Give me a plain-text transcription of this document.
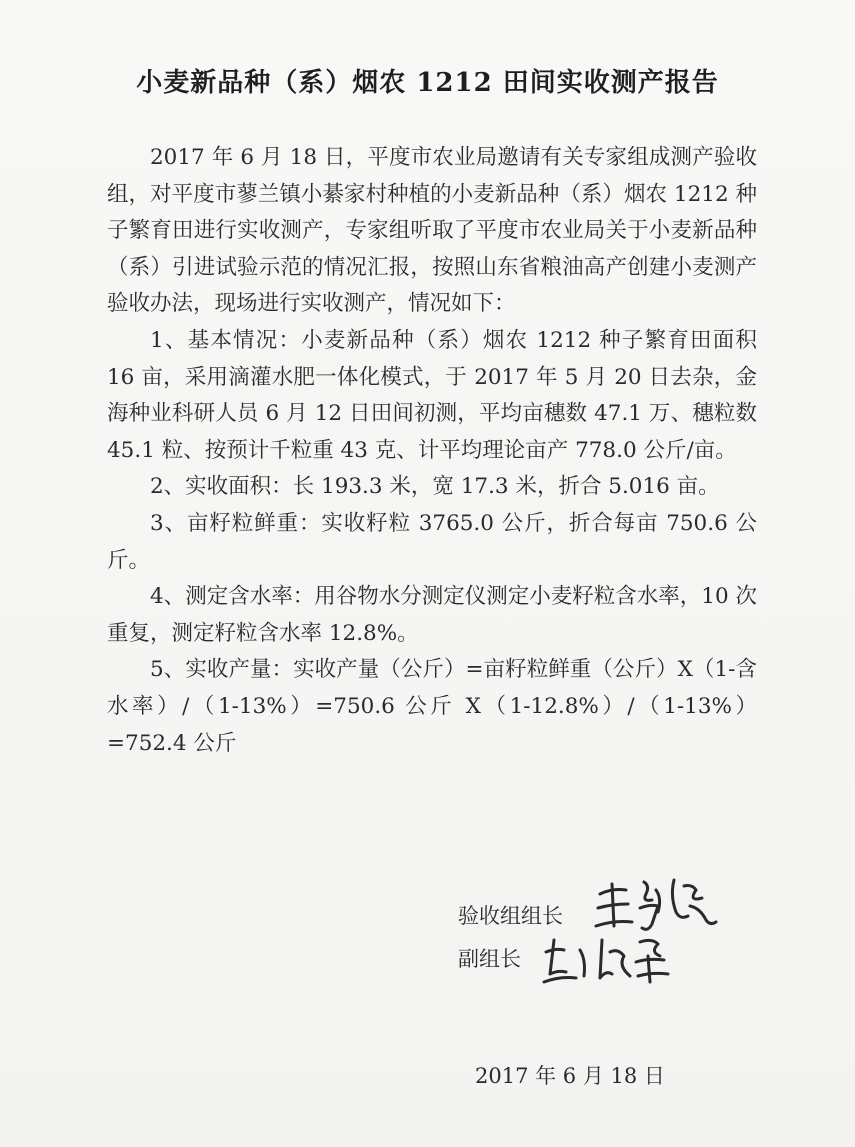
小麦新品种（系）烟农 1212 田间实收测产报告

2017 年 6 月 18 日，平度市农业局邀请有关专家组成测产验收组，对平度市蓼兰镇小綦家村种植的小麦新品种（系）烟农 1212 种子繁育田进行实收测产，专家组听取了平度市农业局关于小麦新品种（系）引进试验示范的情况汇报，按照山东省粮油高产创建小麦测产验收办法，现场进行实收测产，情况如下：

1、基本情况：小麦新品种（系）烟农 1212 种子繁育田面积 16 亩，采用滴灌水肥一体化模式，于 2017 年 5 月 20 日去杂，金海种业科研人员 6 月 12 日田间初测，平均亩穗数 47.1 万、穗粒数 45.1 粒、按预计千粒重 43 克、计平均理论亩产 778.0 公斤/亩。

2、实收面积：长 193.3 米，宽 17.3 米，折合 5.016 亩。

3、亩籽粒鲜重：实收籽粒 3765.0 公斤，折合每亩 750.6 公斤。

4、测定含水率：用谷物水分测定仪测定小麦籽粒含水率，10 次重复，测定籽粒含水率 12.8%。

5、实收产量：实收产量（公斤）=亩籽粒鲜重（公斤）X（1-含水率）/（1-13%）=750.6 公斤 X（1-12.8%）/（1-13%）=752.4 公斤

验收组组长
副组长
2017 年 6 月 18 日
